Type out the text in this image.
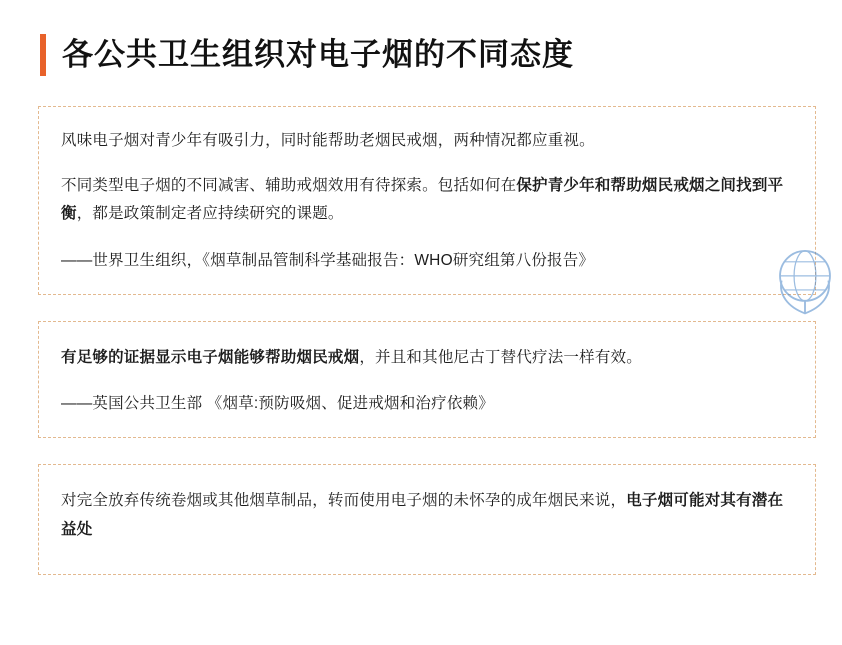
各公共卫生组织对电子烟的不同态度

风味电子烟对青少年有吸引力，同时能帮助老烟民戒烟，两种情况都应重视。

不同类型电子烟的不同减害、辅助戒烟效用有待探索。包括如何在保护青少年和帮助烟民戒烟之间找到平衡，都是政策制定者应持续研究的课题。

——世界卫生组织，《烟草制品管制科学基础报告：WHO研究组第八份报告》

有足够的证据显示电子烟能够帮助烟民戒烟，并且和其他尼古丁替代疗法一样有效。

——英国公共卫生部 《烟草:预防吸烟、促进戒烟和治疗依赖》

对完全放弃传统卷烟或其他烟草制品，转而使用电子烟的未怀孕的成年烟民来说，电子烟可能对其有潜在益处
